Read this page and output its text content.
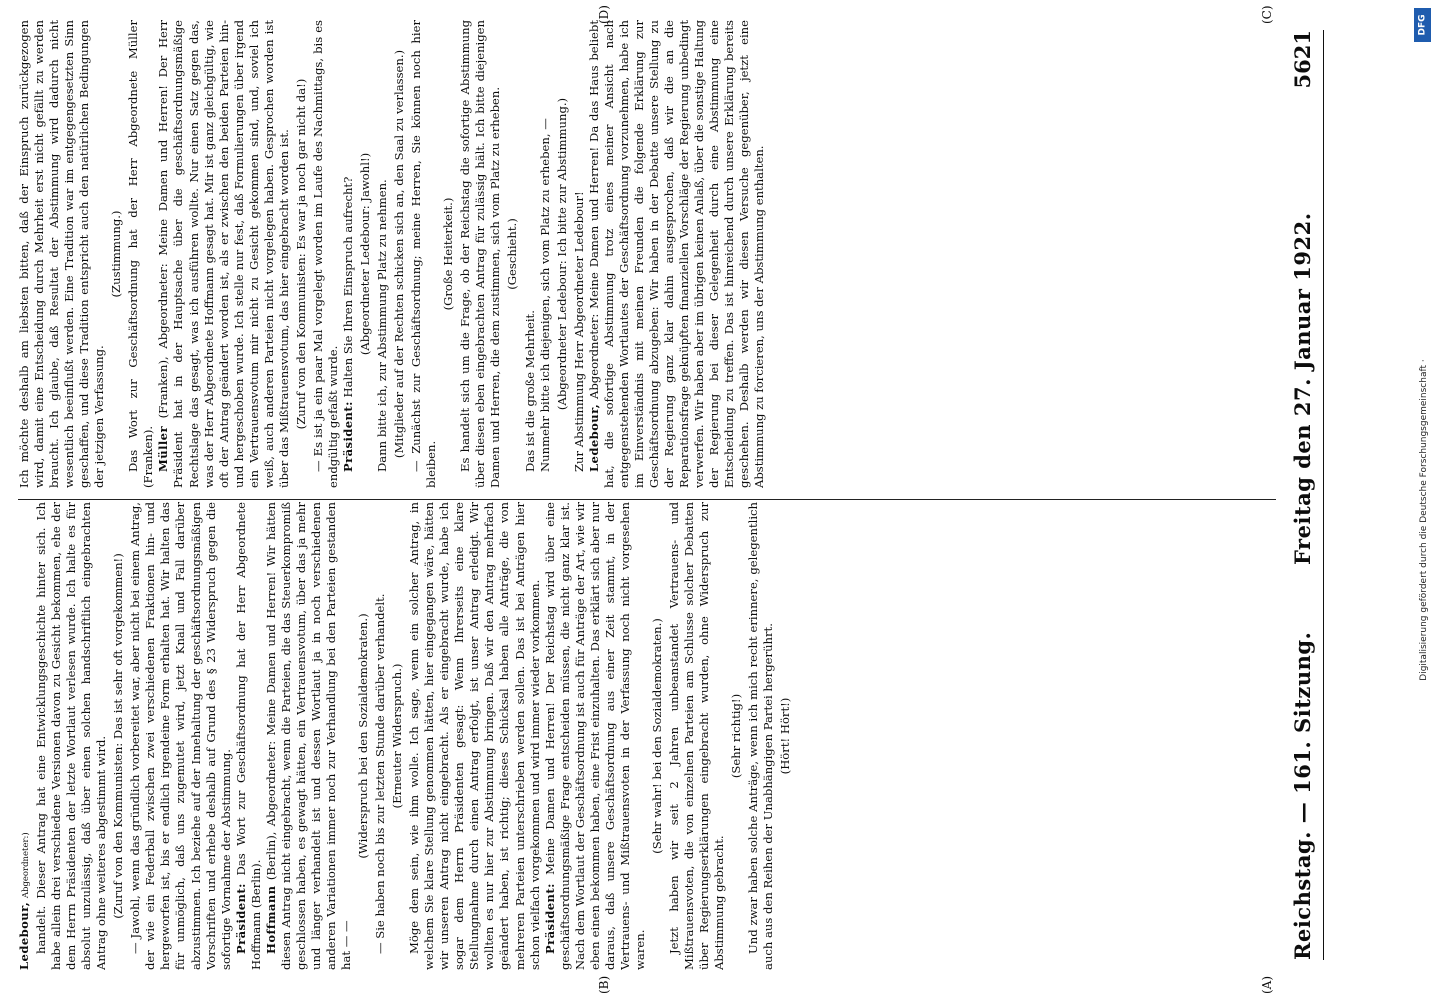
Reichstag. — 161. Sitzung.
Freitag den 27. Januar 1922.
5621

Ledebour, Abgeordneter:) handelt. Dieser Antrag hat eine Entwicklungsgeschichte hinter sich. Ich habe allein drei verschiedene Versionen davon zu Gesicht bekommen, ehe der dem Herrn Präsidenten der letzte Wortlaut verlesen wurde. Ich halte es für absolut unzulässig, daß über einen solchen handschriftlich eingebrachten Antrag ohne weiteres abgestimmt wird. (Zuruf von den Kommunisten: Das ist sehr oft vorgekommen!) — Jawohl, wenn das gründlich vorbereitet war, aber nicht bei einem Antrag, der wie ein Federball zwischen zwei verschiedenen Fraktionen hin- und hergeworfen ist, bis er endlich irgendeine Form erhalten hat. Wir halten das für unmöglich, daß uns zugemutet wird, jetzt Knall und Fall darüber abzustimmen. Ich beziehe auf der Innehaltung der geschäftsordnungsmäßigen Vorschriften und erhebe deshalb auf Grund des § 23 Widerspruch gegen die sofortige Vornahme der Abstimmung. Präsident: Das Wort zur Geschäftsordnung hat der Herr Abgeordnete Hoffmann (Berlin). Hoffmann (Berlin), Abgeordneter: Meine Damen und Herren! Wir hätten diesen Antrag nicht eingebracht, wenn die Parteien, die das Steuerkompromiß geschlossen haben, es gewagt hätten, ein Vertrauensvotum, über das ja mehr und länger verhandelt ist und dessen Wortlaut ja in noch verschiedenen anderen Variationen immer noch zur Verhandlung bei den Parteien gestanden hat — —

(Widerspruch bei den Sozialdemokraten.) — Sie haben noch bis zur letzten Stunde darüber verhandelt. (Erneuter Widerspruch.) Möge dem sein, wie ihm wolle. Ich sage, wenn ein solcher Antrag, in welchem Sie klare Stellung genommen hätten, hier eingegangen wäre, hätten wir unseren Antrag nicht eingebracht. Als er eingebracht wurde, habe ich sogar dem Herrn Präsidenten gesagt: Wenn Ihrerseits eine klare Stellungnahme durch einen Antrag erfolgt, ist unser Antrag erledigt. Wir wollten es nur hier zur Abstimmung bringen. Daß wir den Antrag mehrfach geändert haben, ist richtig; dieses Schicksal haben alle Anträge, die von mehreren Parteien unterschrieben werden sollen. Das ist bei Anträgen hier schon vielfach vorgekommen und wird immer wieder vorkommen. Präsident: Meine Damen und Herren! Der Reichstag wird über eine geschäftsordnungsmäßige Frage entscheiden müssen, die nicht ganz klar ist. Nach dem Wortlaut der Geschäftsordnung ist auch für Anträge der Art, wie wir eben einen bekommen haben, eine Frist einzuhalten. Das erklärt sich aber nur daraus, daß unsere Geschäftsordnung aus einer Zeit stammt, in der Vertrauens- und Mißtrauensvoten in der Verfassung noch nicht vorgesehen waren.

(Sehr wahr! bei den Sozialdemokraten.) Jetzt haben wir seit 2 Jahren unbeanstandet Vertrauens- und Mißtrauensvoten, die von einzelnen Parteien am Schlusse solcher Debatten über Regierungserklärungen eingebracht wurden, ohne Widerspruch zur Abstimmung gebracht.

(Sehr richtig!) Und zwar haben solche Anträge, wenn ich mich recht erinnere, gelegentlich auch aus den Reihen der Unabhängigen Partei hergerührt. (Hört! Hört!)

Ich möchte deshalb am liebsten bitten, daß der Einspruch zurückgezogen wird, damit eine Entscheidung durch Mehrheit erst nicht gefällt zu werden braucht. Ich glaube, daß Resultat der Abstimmung wird dadurch nicht wesentlich beeinflußt werden. Eine Tradition war im entgegengesetzten Sinn geschaffen, und diese Tradition entspricht auch den natürlichen Bedingungen der jetzigen Verfassung.

(Zustimmung.) Das Wort zur Geschäftsordnung hat der Herr Abgeordnete Müller (Franken). Müller (Franken), Abgeordneter: Meine Damen und Herren! Der Herr Präsident hat in der Hauptsache über die geschäftsordnungsmäßige Rechtslage das gesagt, was ich ausführen wollte. Nur einen Satz gegen das, was der Herr Abgeordnete Hoffmann gesagt hat. Mir ist ganz gleichgültig, wie oft der Antrag geändert worden ist, als er zwischen den beiden Parteien hin- und hergeschoben wurde. Ich stelle nur fest, daß Formulierungen über irgend ein Vertrauensvotum mir nicht zu Gesicht gekommen sind, und, soviel ich weiß, auch anderen Parteien nicht vorgelegen haben. Gesprochen worden ist über das Mißtrauensvotum, das hier eingebracht worden ist. (Zuruf von den Kommunisten: Es war ja noch gar nicht da!) — Es ist ja ein paar Mal vorgelegt worden im Laufe des Nachmittags, bis es endgültig gefaßt wurde. Präsident: Halten Sie Ihren Einspruch aufrecht? (Abgeordneter Ledebour: Jawohl!) Dann bitte ich, zur Abstimmung Platz zu nehmen. (Mitglieder auf der Rechten schicken sich an, den Saal zu verlassen.) — Zunächst zur Geschäftsordnung; meine Herren, Sie können noch hier bleiben.

(Große Heiterkeit.) Es handelt sich um die Frage, ob der Reichstag die sofortige Abstimmung über diesen eben eingebrachten Antrag für zulässig hält. Ich bitte diejenigen Damen und Herren, die dem zustimmen, sich vom Platz zu erheben. (Geschieht.)

Das ist die große Mehrheit. Nunmehr bitte ich diejenigen, sich vom Platz zu erheben, — (Abgeordneter Ledebour: Ich bitte zur Abstimmung.) Zur Abstimmung Herr Abgeordneter Ledebour! Ledebour, Abgeordneter: Meine Damen und Herren! Da das Haus beliebt hat, die sofortige Abstimmung trotz eines meiner Ansicht nach entgegenstehenden Wortlautes der Geschäftsordnung vorzunehmen, habe ich im Einverständnis mit meinen Freunden die folgende Erklärung zur Geschäftsordnung abzugeben: Wir haben in der Debatte unsere Stellung zu der Regierung ganz klar dahin ausgesprochen, daß wir die an die Reparationsfrage geknüpften finanziellen Vorschläge der Regierung unbedingt verwerfen. Wir haben aber im übrigen keinen Anlaß, über die sonstige Haltung der Regierung bei dieser Gelegenheit durch eine Abstimmung eine Entscheidung zu treffen. Das ist hinreichend durch unsere Erklärung bereits geschehen. Deshalb werden wir diesen Versuche gegenüber, jetzt eine Abstimmung zu forcieren, uns der Abstimmung enthalten.

(A)
(B)
(C)
(D)	DFG
Digitalisierung gefördert durch die Deutsche Forschungsgemeinschaft ·
